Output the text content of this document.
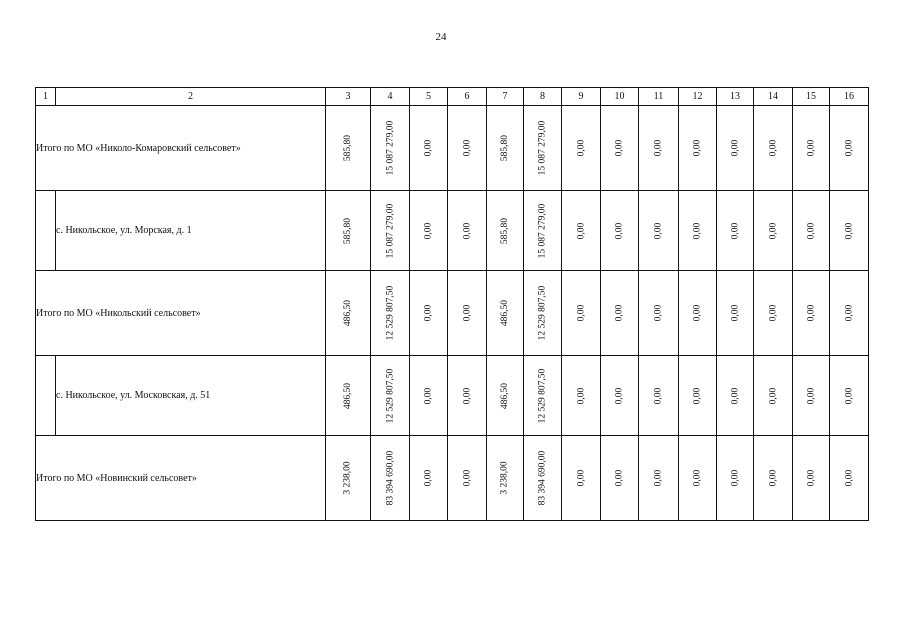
24
1	2	3	4	5	6	7	8	9	10	11	12	13	14	15	16
Итого по МО «Николо-Комаровский сельсовет»		585,80	15 087 279,00	0,00	0,00	585,80	15 087 279,00	0,00	0,00	0,00	0,00	0,00	0,00	0,00	0,00

	с. Никольское, ул. Морская, д. 1	585,80	15 087 279,00	0,00	0,00	585,80	15 087 279,00	0,00	0,00	0,00	0,00	0,00	0,00	0,00	0,00

Итого по МО «Никольский сельсовет»		486,50	12 529 807,50	0,00	0,00	486,50	12 529 807,50	0,00	0,00	0,00	0,00	0,00	0,00	0,00	0,00

	с. Никольское, ул. Московская, д. 51	486,50	12 529 807,50	0,00	0,00	486,50	12 529 807,50	0,00	0,00	0,00	0,00	0,00	0,00	0,00	0,00

Итого по МО «Новинский сельсовет»		3 238,00	83 394 690,00	0,00	0,00	3 238,00	83 394 690,00	0,00	0,00	0,00	0,00	0,00	0,00	0,00	0,00
